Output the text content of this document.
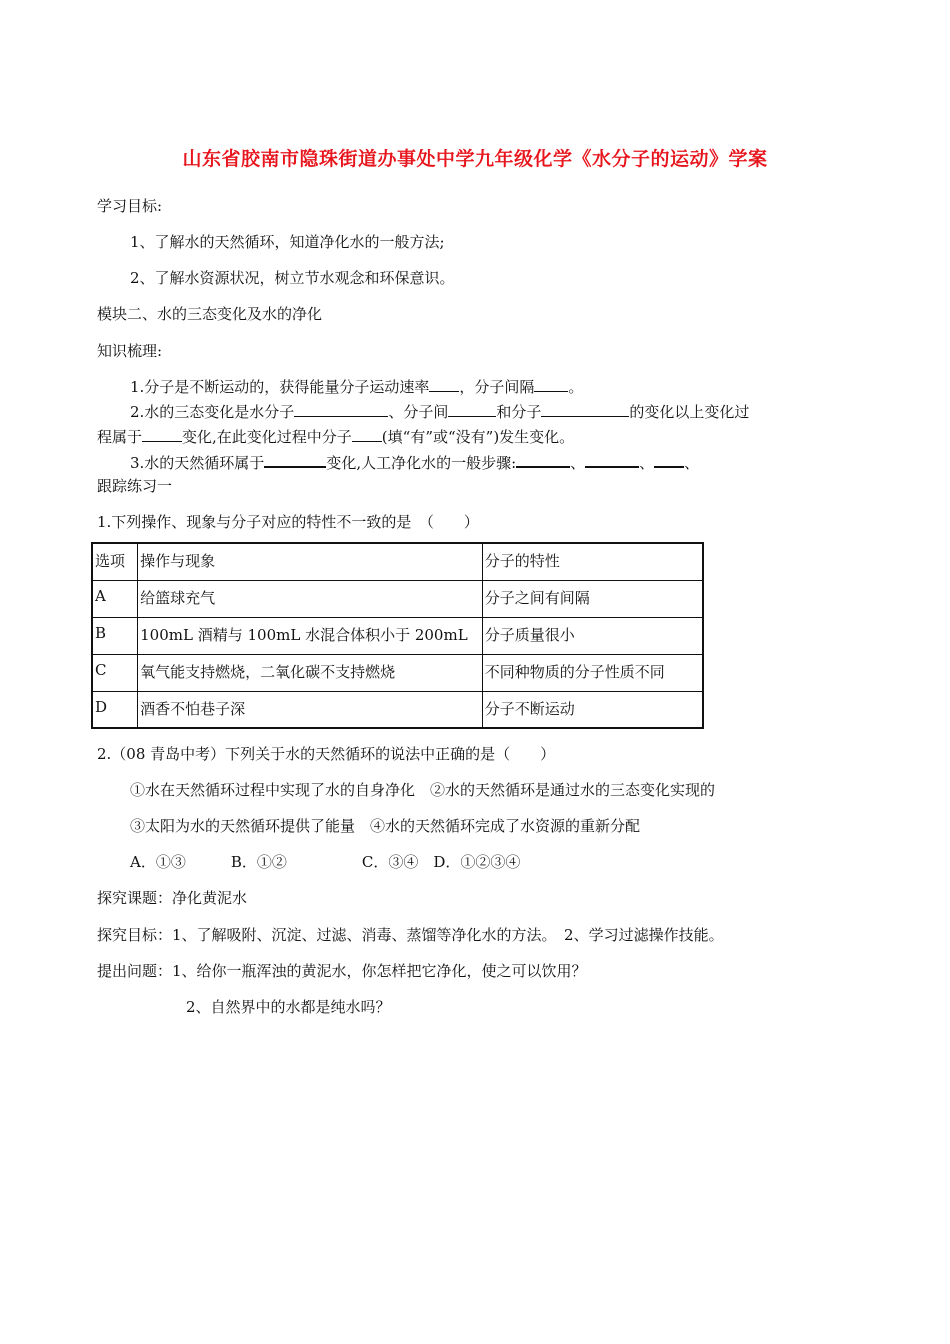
山东省胶南市隐珠街道办事处中学九年级化学《水分子的运动》学案
学习目标:
1、了解水的天然循环，知道净化水的一般方法;
2、了解水资源状况，树立节水观念和环保意识。
模块二、水的三态变化及水的净化
知识梳理:
1.分子是不断运动的，获得能量分子运动速率 ，分子间隔 。
2.水的三态变化是水分子	、分子间	和分子	的变化以上变化过
程属于	变化,在此变化过程中分子 (填“有”或“没有”)发生变化。
3.水的天然循环属于	变化,人工净化水的一般步骤:	、	、 、
跟踪练习一
1.下列操作、现象与分子对应的特性不一致的是　（　　）
选项	操作与现象	分子的特性
A	给篮球充气	分子之间有间隔
B	100mL 酒精与 100mL 水混合体积小于 200mL	分子质量很小
C	氧气能支持燃烧，二氧化碳不支持燃烧	不同种物质的分子性质不同
D	酒香不怕巷子深	分子不断运动
2.（08 青岛中考）下列关于水的天然循环的说法中正确的是（　　）
①水在天然循环过程中实现了水的自身净化　②水的天然循环是通过水的三态变化实现的
③太阳为水的天然循环提供了能量　④水的天然循环完成了水资源的重新分配
A．①③　　　B．①②　　　　　C．③④　D．①②③④
探究课题：净化黄泥水
探究目标：1、了解吸附、沉淀、过滤、消毒、蒸馏等净化水的方法。　2、学习过滤操作技能。
提出问题：1、给你一瓶浑浊的黄泥水，你怎样把它净化，使之可以饮用？
2、自然界中的水都是纯水吗？
